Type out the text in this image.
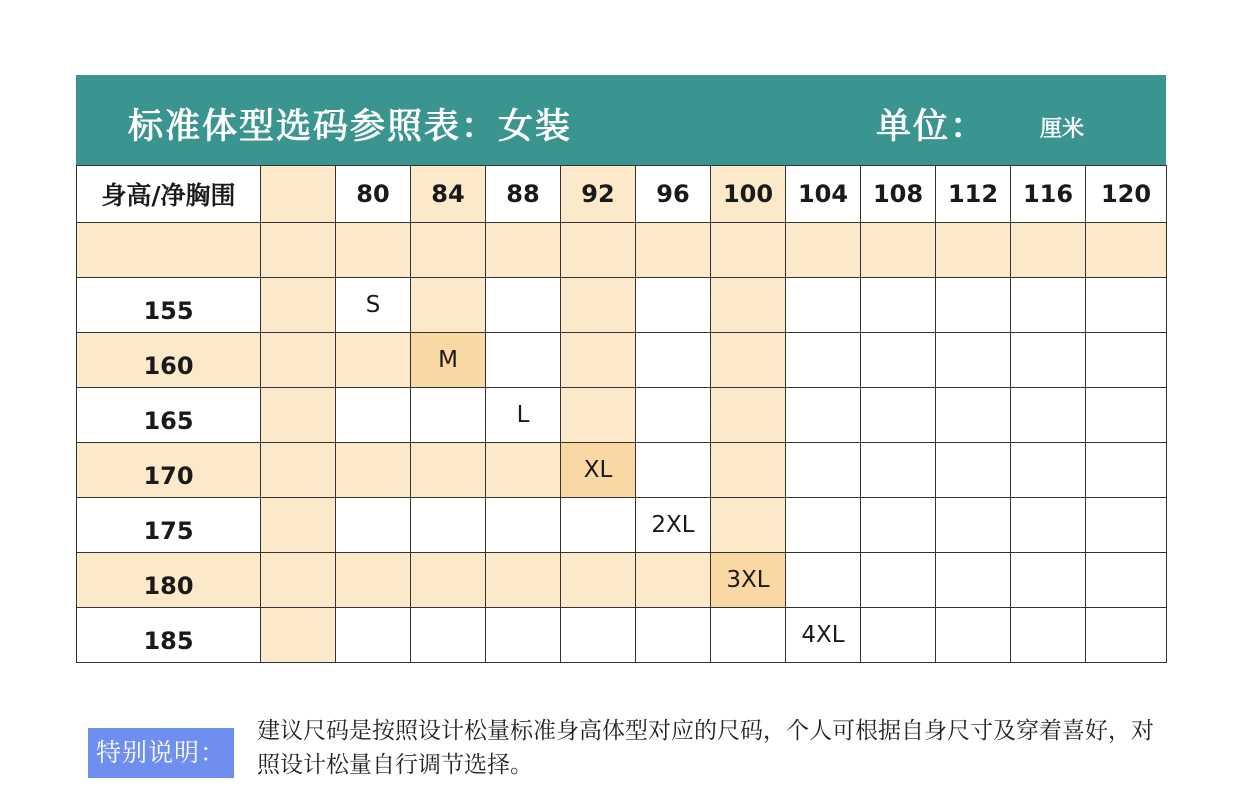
标准体型选码参照表：女装	单位： 厘米
身高/净胸围		80	84	88	92	96	100	104	108	112	116	120

155		S										
160			M									
165				L								
170					XL							
175						2XL						
180							3XL					
185								4XL				
特别说明：
建议尺码是按照设计松量标准身高体型对应的尺码，个人可根据自身尺寸及穿着喜好，对照设计松量自行调节选择。
